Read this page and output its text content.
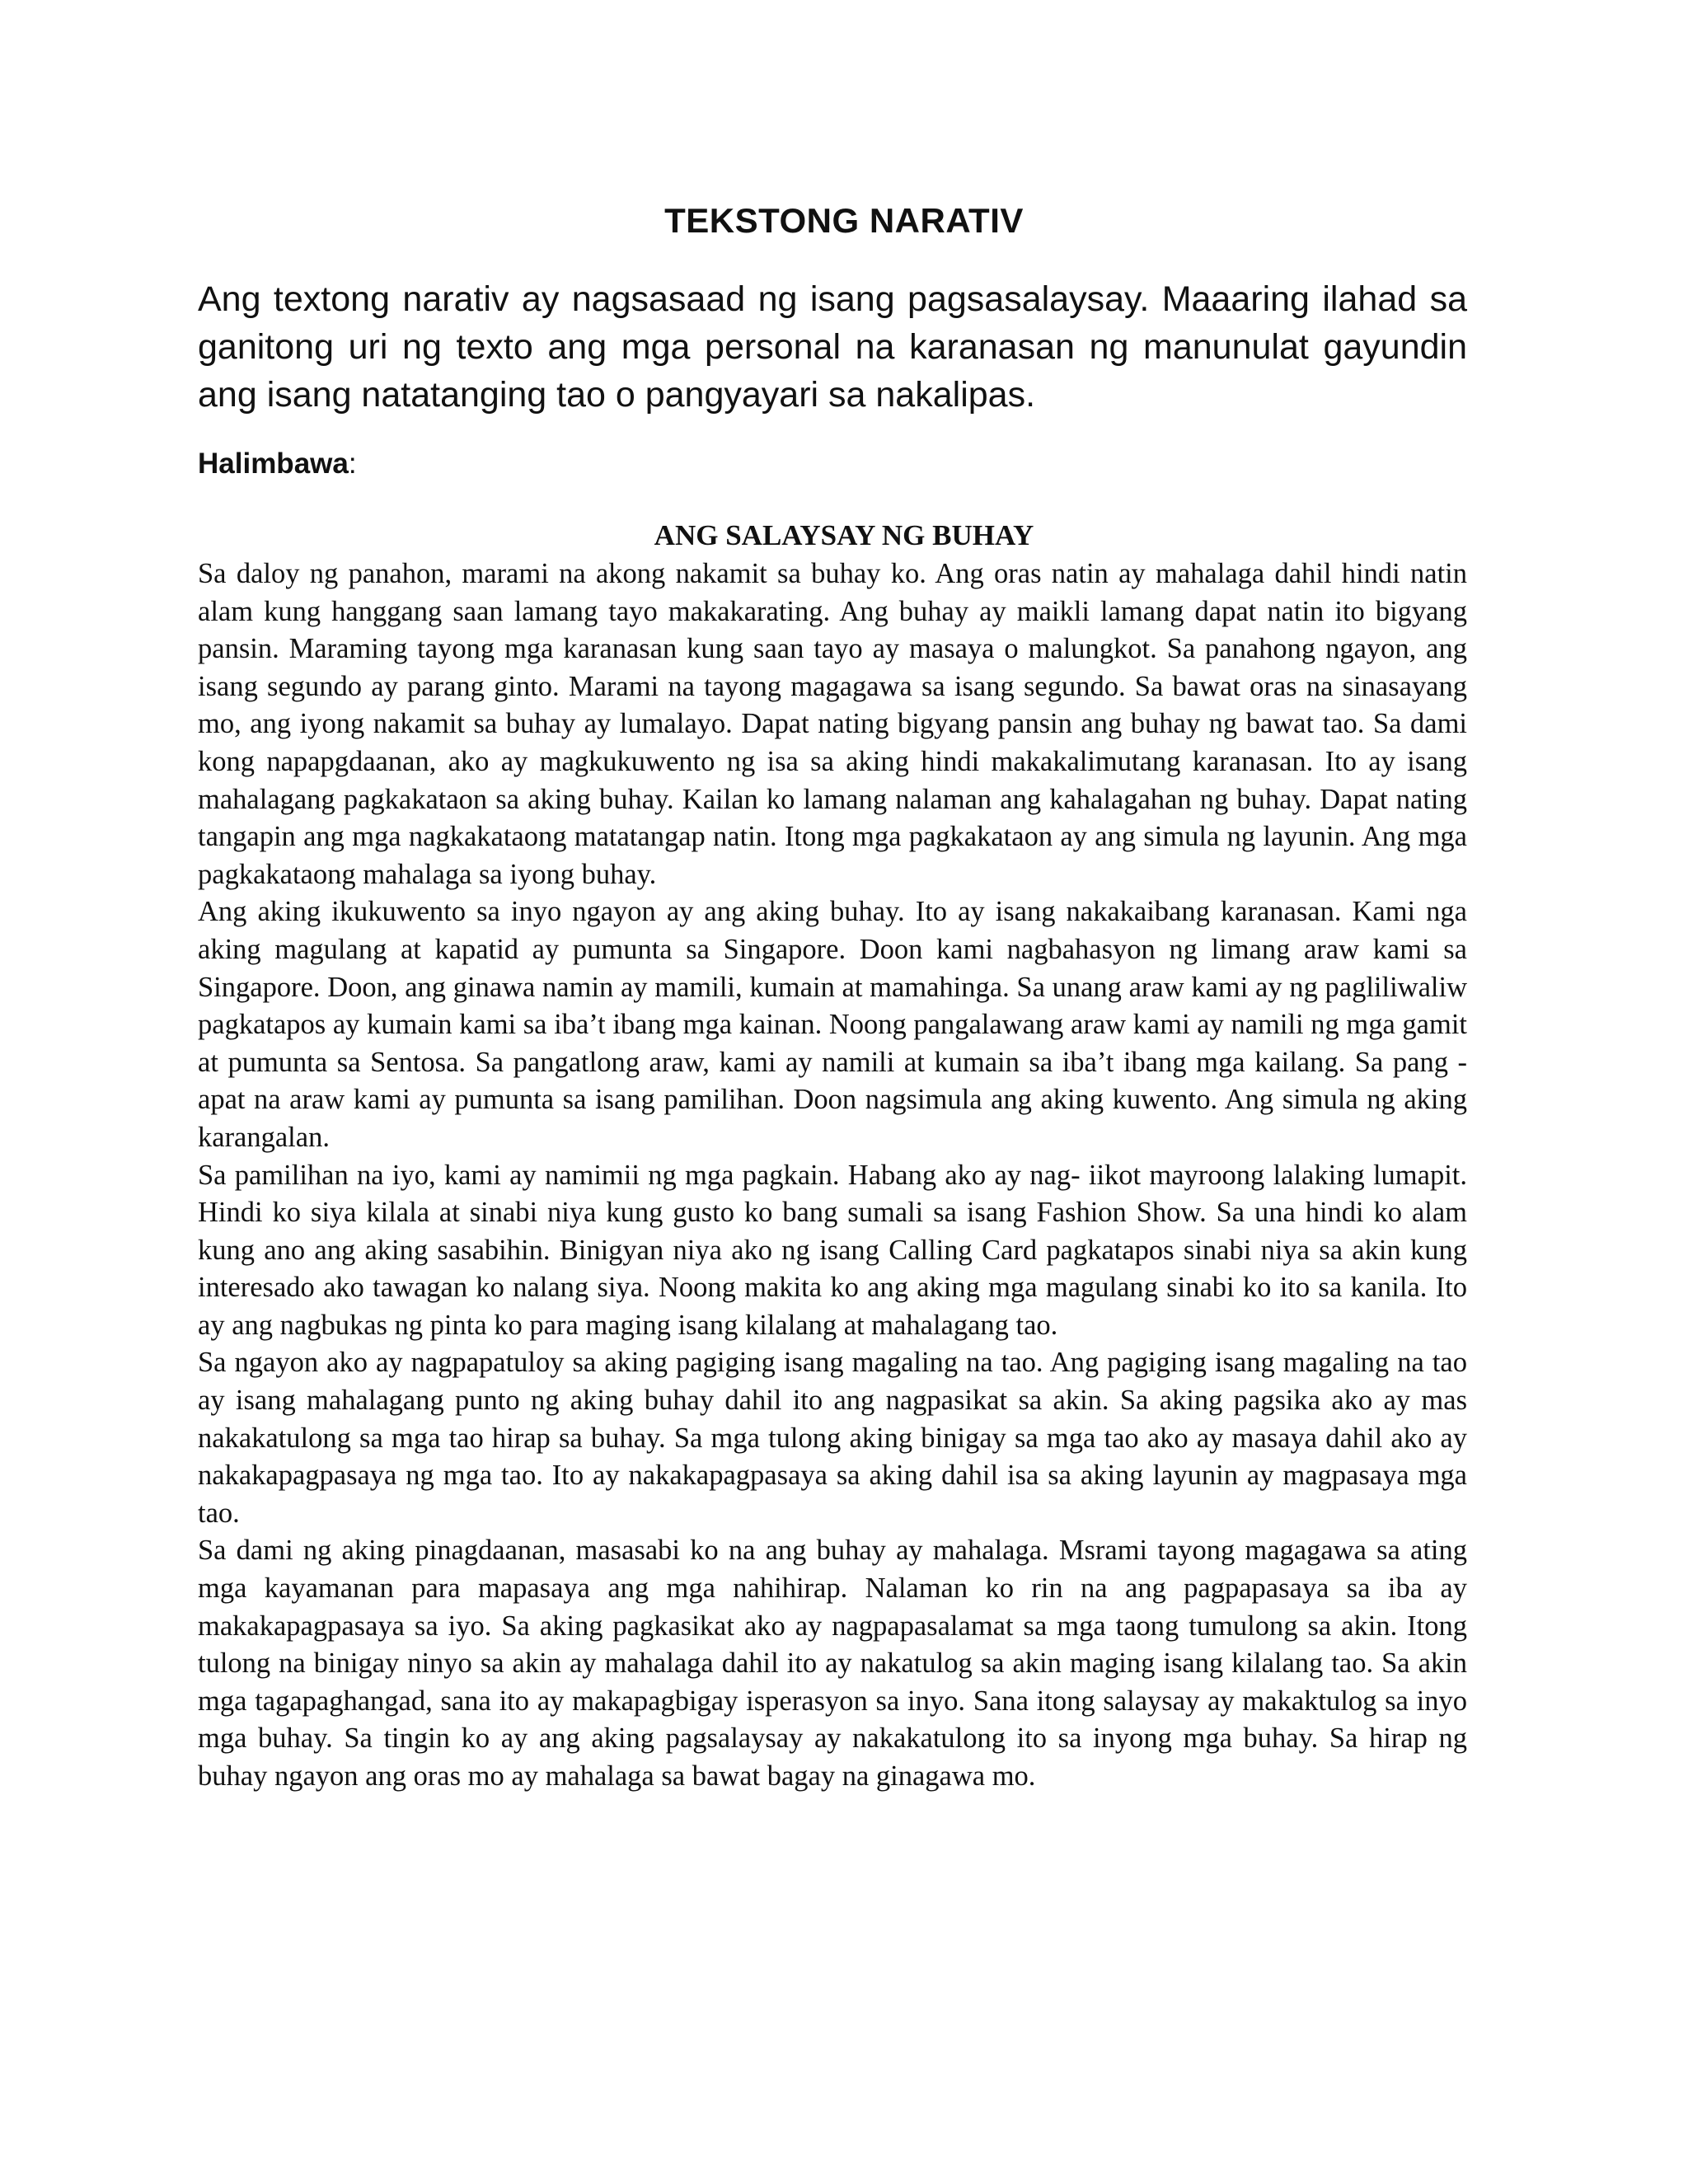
TEKSTONG NARATIV

Ang textong narativ ay nagsasaad ng isang pagsasalaysay. Maaaring ilahad sa ganitong uri ng texto ang mga personal na karanasan ng manunulat gayundin ang isang natatanging tao o pangyayari sa nakalipas.

Halimbawa:

ANG SALAYSAY NG BUHAY

Sa daloy ng panahon, marami na akong nakamit sa buhay ko. Ang oras natin ay mahalaga dahil hindi natin alam kung hanggang saan lamang tayo makakarating. Ang buhay ay maikli lamang dapat natin ito bigyang pansin. Maraming tayong mga karanasan kung saan tayo ay masaya o malungkot. Sa panahong ngayon, ang isang segundo ay parang ginto. Marami na tayong magagawa sa isang segundo. Sa bawat oras na sinasayang mo, ang iyong nakamit sa buhay ay lumalayo. Dapat nating bigyang pansin ang buhay ng bawat tao. Sa dami kong napapgdaanan, ako ay magkukuwento ng isa sa aking hindi makakalimutang karanasan. Ito ay isang mahalagang pagkakataon sa aking buhay. Kailan ko lamang nalaman ang kahalagahan ng buhay. Dapat nating tangapin ang mga nagkakataong matatangap natin. Itong mga pagkakataon ay ang simula ng layunin. Ang mga pagkakataong mahalaga sa iyong buhay.

Ang aking ikukuwento sa inyo ngayon ay ang aking buhay. Ito ay isang nakakaibang karanasan. Kami nga aking magulang at kapatid ay pumunta sa Singapore. Doon kami nagbahasyon ng limang araw kami sa Singapore. Doon, ang ginawa namin ay mamili, kumain at mamahinga. Sa unang araw kami ay ng pagliliwaliw pagkatapos ay kumain kami sa iba’t ibang mga kainan. Noong pangalawang araw kami ay namili ng mga gamit at pumunta sa Sentosa. Sa pangatlong araw, kami ay namili at kumain sa iba’t ibang mga kailang. Sa pang -apat na araw kami ay pumunta sa isang pamilihan. Doon nagsimula ang aking kuwento. Ang simula ng aking karangalan.

Sa pamilihan na iyo, kami ay namimii ng mga pagkain. Habang ako ay nag- iikot mayroong lalaking lumapit. Hindi ko siya kilala at sinabi niya kung gusto ko bang sumali sa isang Fashion Show. Sa una hindi ko alam kung ano ang aking sasabihin. Binigyan niya ako ng isang Calling Card pagkatapos sinabi niya sa akin kung interesado ako tawagan ko nalang siya. Noong makita ko ang aking mga magulang sinabi ko ito sa kanila. Ito ay ang nagbukas ng pinta ko para maging isang kilalang at mahalagang tao.

Sa ngayon ako ay nagpapatuloy sa aking pagiging isang magaling na tao. Ang pagiging isang magaling na tao ay isang mahalagang punto ng aking buhay dahil ito ang nagpasikat sa akin. Sa aking pagsika ako ay mas nakakatulong sa mga tao hirap sa buhay. Sa mga tulong aking binigay sa mga tao ako ay masaya dahil ako ay nakakapagpasaya ng mga tao. Ito ay nakakapagpasaya sa aking dahil isa sa aking layunin ay magpasaya mga tao.

Sa dami ng aking pinagdaanan, masasabi ko na ang buhay ay mahalaga. Msrami tayong magagawa sa ating mga kayamanan para mapasaya ang mga nahihirap. Nalaman ko rin na ang pagpapasaya sa iba ay makakapagpasaya sa iyo. Sa aking pagkasikat ako ay nagpapasalamat sa mga taong tumulong sa akin. Itong tulong na binigay ninyo sa akin ay mahalaga dahil ito ay nakatulog sa akin maging isang kilalang tao. Sa akin mga tagapaghangad, sana ito ay makapagbigay isperasyon sa inyo. Sana itong salaysay ay makaktulog sa inyo mga buhay. Sa tingin ko ay ang aking pagsalaysay ay nakakatulong ito sa inyong mga buhay. Sa hirap ng buhay ngayon ang oras mo ay mahalaga sa bawat bagay na ginagawa mo.
